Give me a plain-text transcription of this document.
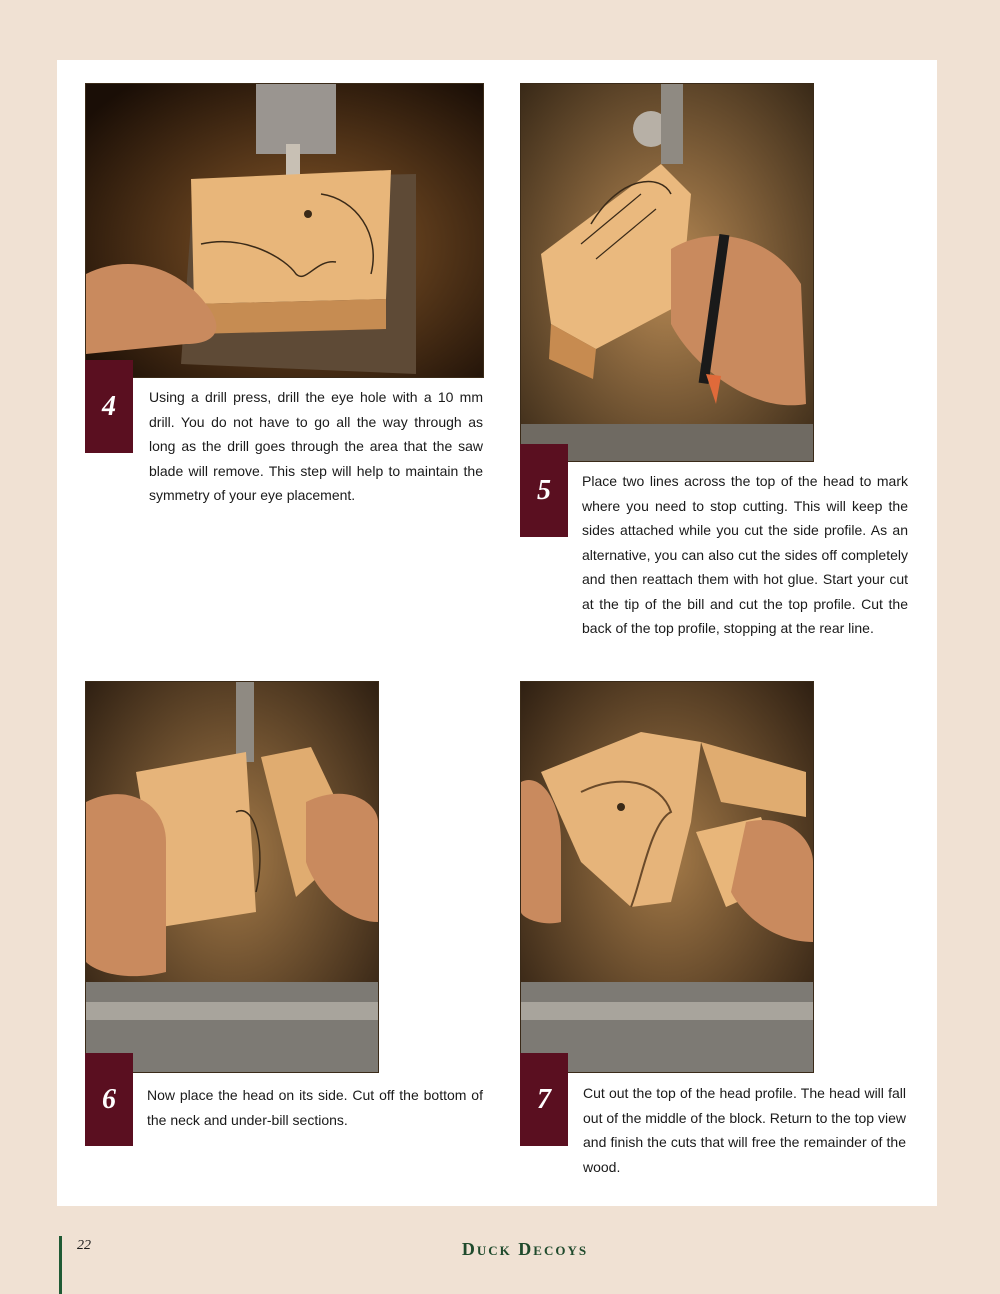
4	Using a drill press, drill the eye hole with a 10 mm drill. You do not have to go all the way through as long as the drill goes through the area that the saw blade will remove. This step will help to maintain the symmetry of your eye placement.	5	Place two lines across the top of the head to mark where you need to stop cutting. This will keep the sides attached while you cut the side profile. As an alternative, you can also cut the sides off completely and then reattach them with hot glue. Start your cut at the tip of the bill and cut the top profile. Cut the back of the top profile, stopping at the rear line.

6	Now place the head on its side. Cut off the bottom of the neck and under-bill sections.

7	Cut out the top of the head profile. The head will fall out of the middle of the block. Return to the top view and finish the cuts that will free the remainder of the wood.

22	Duck Decoys
